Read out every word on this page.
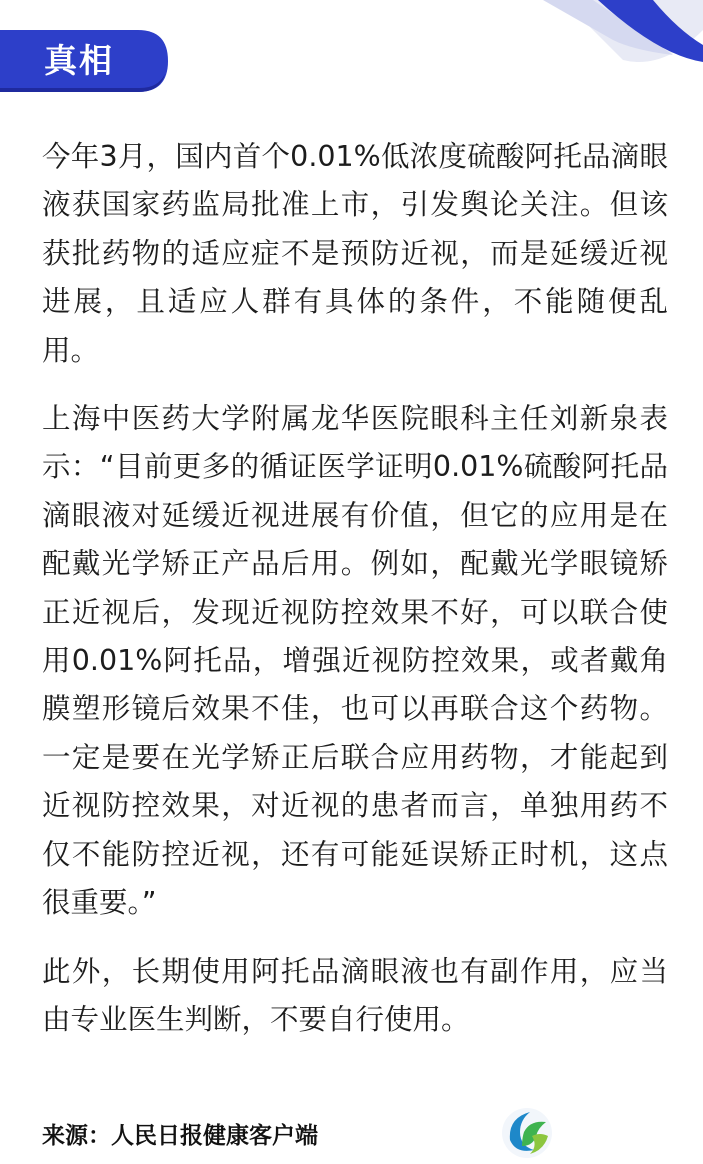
真相

今年3月，国内首个0.01%低浓度硫酸阿托品滴眼液获国家药监局批准上市，引发舆论关注。但该获批药物的适应症不是预防近视，而是延缓近视进展，且适应人群有具体的条件，不能随便乱用。

上海中医药大学附属龙华医院眼科主任刘新泉表示：“目前更多的循证医学证明0.01%硫酸阿托品滴眼液对延缓近视进展有价值，但它的应用是在配戴光学矫正产品后用。例如，配戴光学眼镜矫正近视后，发现近视防控效果不好，可以联合使用0.01%阿托品，增强近视防控效果，或者戴角膜塑形镜后效果不佳，也可以再联合这个药物。一定是要在光学矫正后联合应用药物，才能起到近视防控效果，对近视的患者而言，单独用药不仅不能防控近视，还有可能延误矫正时机，这点很重要。”

此外，长期使用阿托品滴眼液也有副作用，应当由专业医生判断，不要自行使用。

来源：人民日报健康客户端
